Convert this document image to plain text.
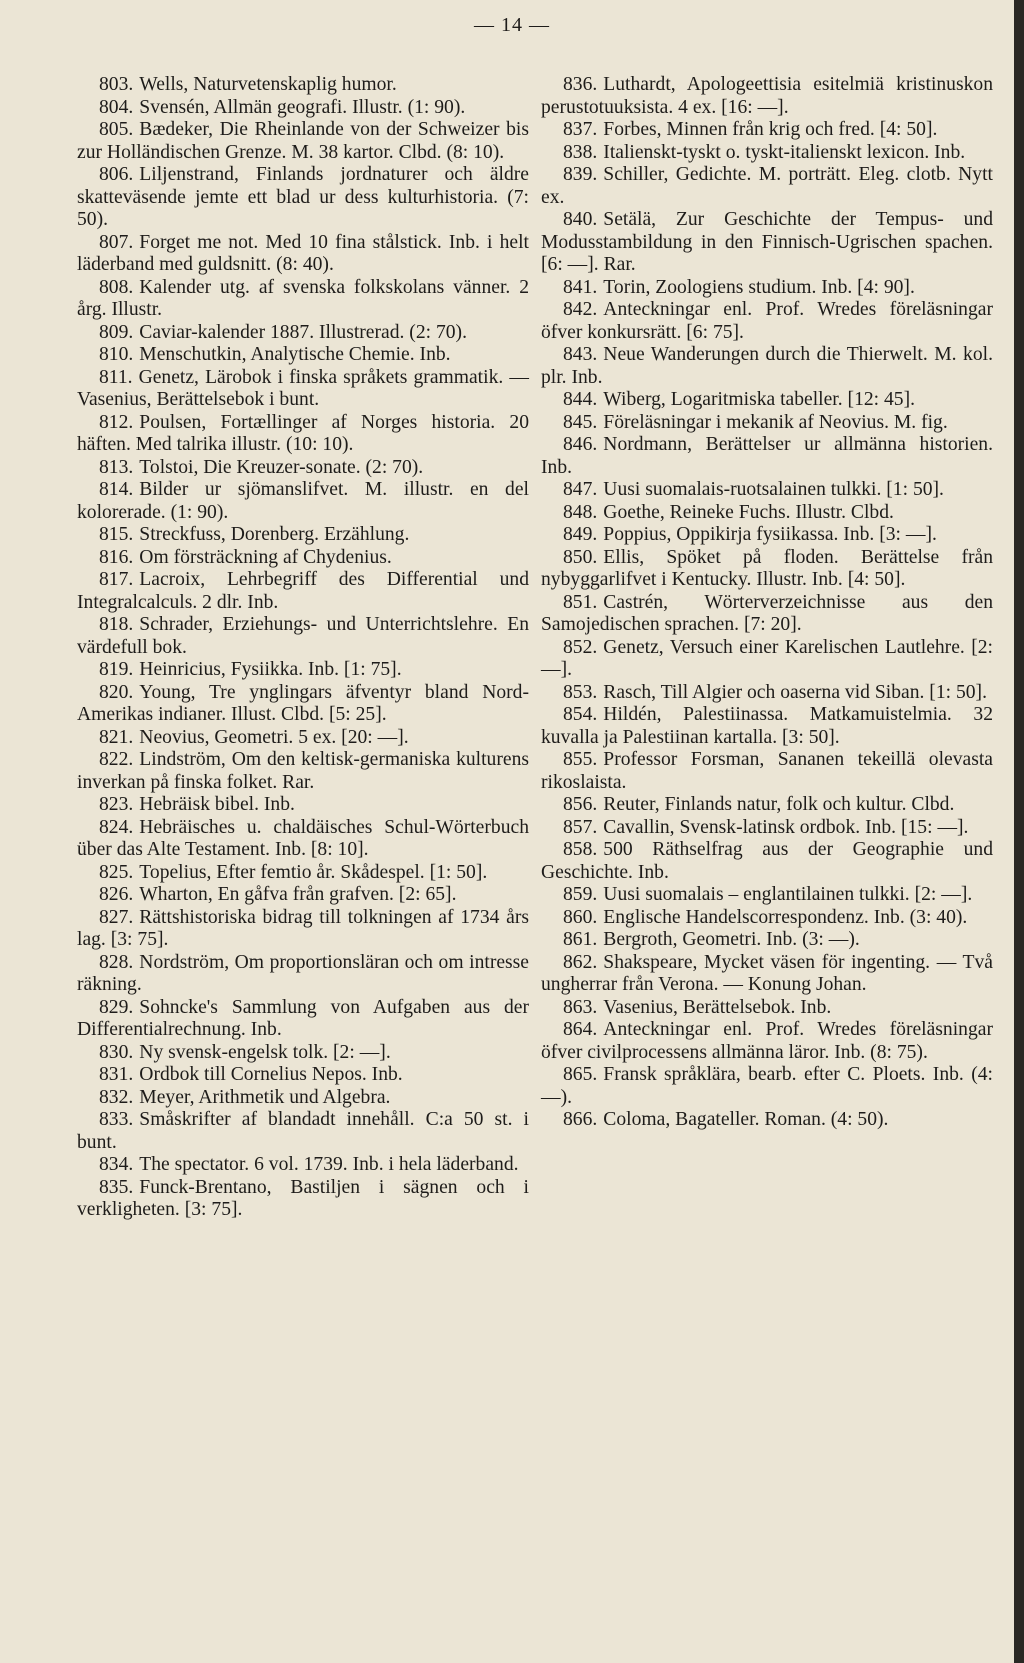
— 14 —

803. Wells, Naturvetenskaplig humor.

804. Svensén, Allmän geografi. Illustr. (1: 90).

805. Bædeker, Die Rheinlande von der Schweizer bis zur Holländischen Grenze. M. 38 kartor. Clbd. (8: 10).

806. Liljenstrand, Finlands jordnaturer och äldre skatteväsende jemte ett blad ur dess kulturhistoria. (7: 50).

807. Forget me not. Med 10 fina stålstick. Inb. i helt läderband med guldsnitt. (8: 40).

808. Kalender utg. af svenska folkskolans vänner. 2 årg. Illustr.

809. Caviar-kalender 1887. Illustrerad. (2: 70).

810. Menschutkin, Analytische Chemie. Inb.

811. Genetz, Lärobok i finska språkets grammatik. — Vasenius, Berättelsebok i bunt.

812. Poulsen, Fortællinger af Norges historia. 20 häften. Med talrika illustr. (10: 10).

813. Tolstoi, Die Kreuzer-sonate. (2: 70).

814. Bilder ur sjömanslifvet. M. illustr. en del kolorerade. (1: 90).

815. Streckfuss, Dorenberg. Erzählung.

816. Om försträckning af Chydenius.

817. Lacroix, Lehrbegriff des Differential und Integralcalculs. 2 dlr. Inb.

818. Schrader, Erziehungs- und Unterrichtslehre. En värdefull bok.

819. Heinricius, Fysiikka. Inb. [1: 75].

820. Young, Tre ynglingars äfventyr bland Nord-Amerikas indianer. Illust. Clbd. [5: 25].

821. Neovius, Geometri. 5 ex. [20: —].

822. Lindström, Om den keltisk-germaniska kulturens inverkan på finska folket. Rar.

823. Hebräisk bibel. Inb.

824. Hebräisches u. chaldäisches Schul-Wörterbuch über das Alte Testament. Inb. [8: 10].

825. Topelius, Efter femtio år. Skådespel. [1: 50].

826. Wharton, En gåfva från grafven. [2: 65].

827. Rättshistoriska bidrag till tolkningen af 1734 års lag. [3: 75].

828. Nordström, Om proportionsläran och om intresse räkning.

829. Sohncke's Sammlung von Aufgaben aus der Differentialrechnung. Inb.

830. Ny svensk-engelsk tolk. [2: —].

831. Ordbok till Cornelius Nepos. Inb.

832. Meyer, Arithmetik und Algebra.

833. Småskrifter af blandadt innehåll. C:a 50 st. i bunt.

834. The spectator. 6 vol. 1739. Inb. i hela läderband.

835. Funck-Brentano, Bastiljen i sägnen och i verkligheten. [3: 75].

836. Luthardt, Apologeettisia esitelmiä kristinuskon perustotuuksista. 4 ex. [16: —].

837. Forbes, Minnen från krig och fred. [4: 50].

838. Italienskt-tyskt o. tyskt-italienskt lexicon. Inb.

839. Schiller, Gedichte. M. porträtt. Eleg. clotb. Nytt ex.

840. Setälä, Zur Geschichte der Tempus- und Modusstambildung in den Finnisch-Ugrischen spachen. [6: —]. Rar.

841. Torin, Zoologiens studium. Inb. [4: 90].

842. Anteckningar enl. Prof. Wredes föreläsningar öfver konkursrätt. [6: 75].

843. Neue Wanderungen durch die Thierwelt. M. kol. plr. Inb.

844. Wiberg, Logaritmiska tabeller. [12: 45].

845. Föreläsningar i mekanik af Neovius. M. fig.

846. Nordmann, Berättelser ur allmänna historien. Inb.

847. Uusi suomalais-ruotsalainen tulkki. [1: 50].

848. Goethe, Reineke Fuchs. Illustr. Clbd.

849. Poppius, Oppikirja fysiikassa. Inb. [3: —].

850. Ellis, Spöket på floden. Berättelse från nybyggarlifvet i Kentucky. Illustr. Inb. [4: 50].

851. Castrén, Wörterverzeichnisse aus den Samojedischen sprachen. [7: 20].

852. Genetz, Versuch einer Karelischen Lautlehre. [2: —].

853. Rasch, Till Algier och oaserna vid Siban. [1: 50].

854. Hildén, Palestiinassa. Matkamuistelmia. 32 kuvalla ja Palestiinan kartalla. [3: 50].

855. Professor Forsman, Sananen tekeillä olevasta rikoslaista.

856. Reuter, Finlands natur, folk och kultur. Clbd.

857. Cavallin, Svensk-latinsk ordbok. Inb. [15: —].

858. 500 Räthselfrag aus der Geographie und Geschichte. Inb.

859. Uusi suomalais – englantilainen tulkki. [2: —].

860. Englische Handelscorrespondenz. Inb. (3: 40).

861. Bergroth, Geometri. Inb. (3: —).

862. Shakspeare, Mycket väsen för ingenting. — Två ungherrar från Verona. — Konung Johan.

863. Vasenius, Berättelsebok. Inb.

864. Anteckningar enl. Prof. Wredes föreläsningar öfver civilprocessens allmänna läror. Inb. (8: 75).

865. Fransk språklära, bearb. efter C. Ploets. Inb. (4: —).

866. Coloma, Bagateller. Roman. (4: 50).
